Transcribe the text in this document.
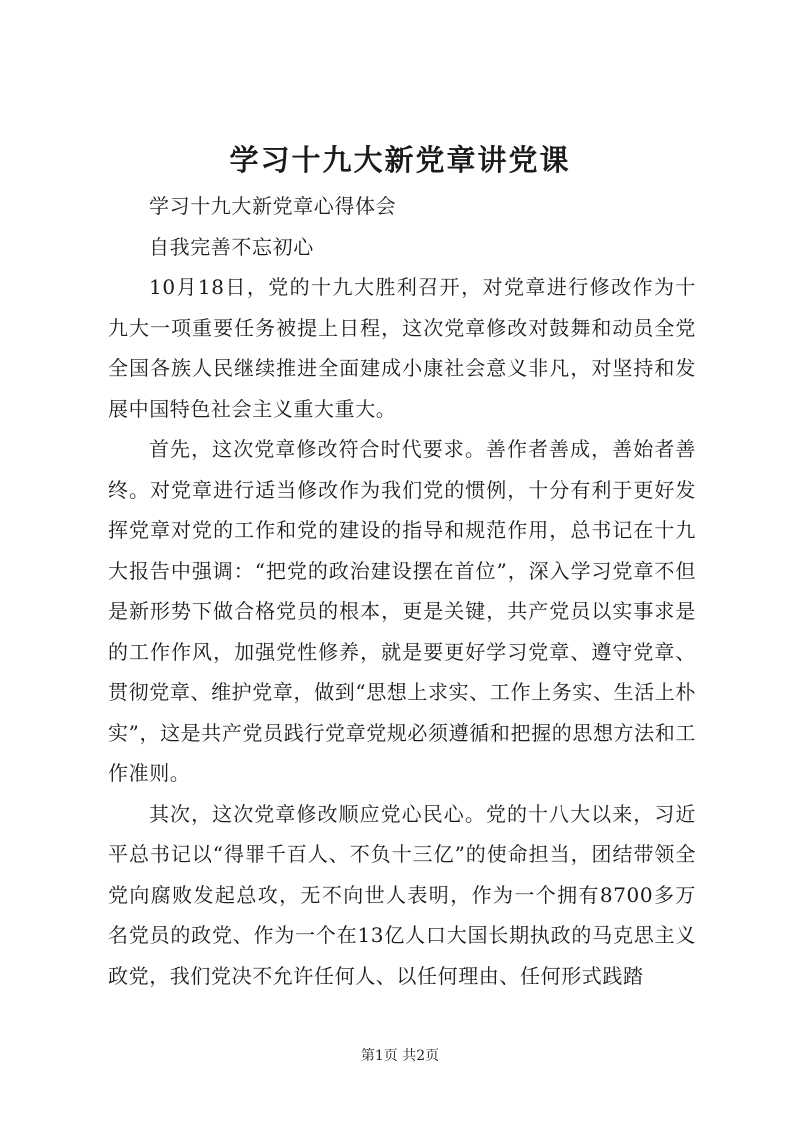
学习十九大新党章讲党课

学习十九大新党章心得体会

自我完善不忘初心

10月18日，党的十九大胜利召开，对党章进行修改作为十九大一项重要任务被提上日程，这次党章修改对鼓舞和动员全党全国各族人民继续推进全面建成小康社会意义非凡，对坚持和发展中国特色社会主义重大重大。

首先，这次党章修改符合时代要求。善作者善成，善始者善终。对党章进行适当修改作为我们党的惯例，十分有利于更好发挥党章对党的工作和党的建设的指导和规范作用，总书记在十九大报告中强调：“把党的政治建设摆在首位”，深入学习党章不但是新形势下做合格党员的根本，更是关键，共产党员以实事求是的工作作风，加强党性修养，就是要更好学习党章、遵守党章、贯彻党章、维护党章，做到“思想上求实、工作上务实、生活上朴实”，这是共产党员践行党章党规必须遵循和把握的思想方法和工作准则。

其次，这次党章修改顺应党心民心。党的十八大以来，习近平总书记以“得罪千百人、不负十三亿”的使命担当，团结带领全党向腐败发起总攻，无不向世人表明，作为一个拥有8700多万名党员的政党、作为一个在13亿人口大国长期执政的马克思主义政党，我们党决不允许任何人、以任何理由、任何形式践踏

第1页 共2页
